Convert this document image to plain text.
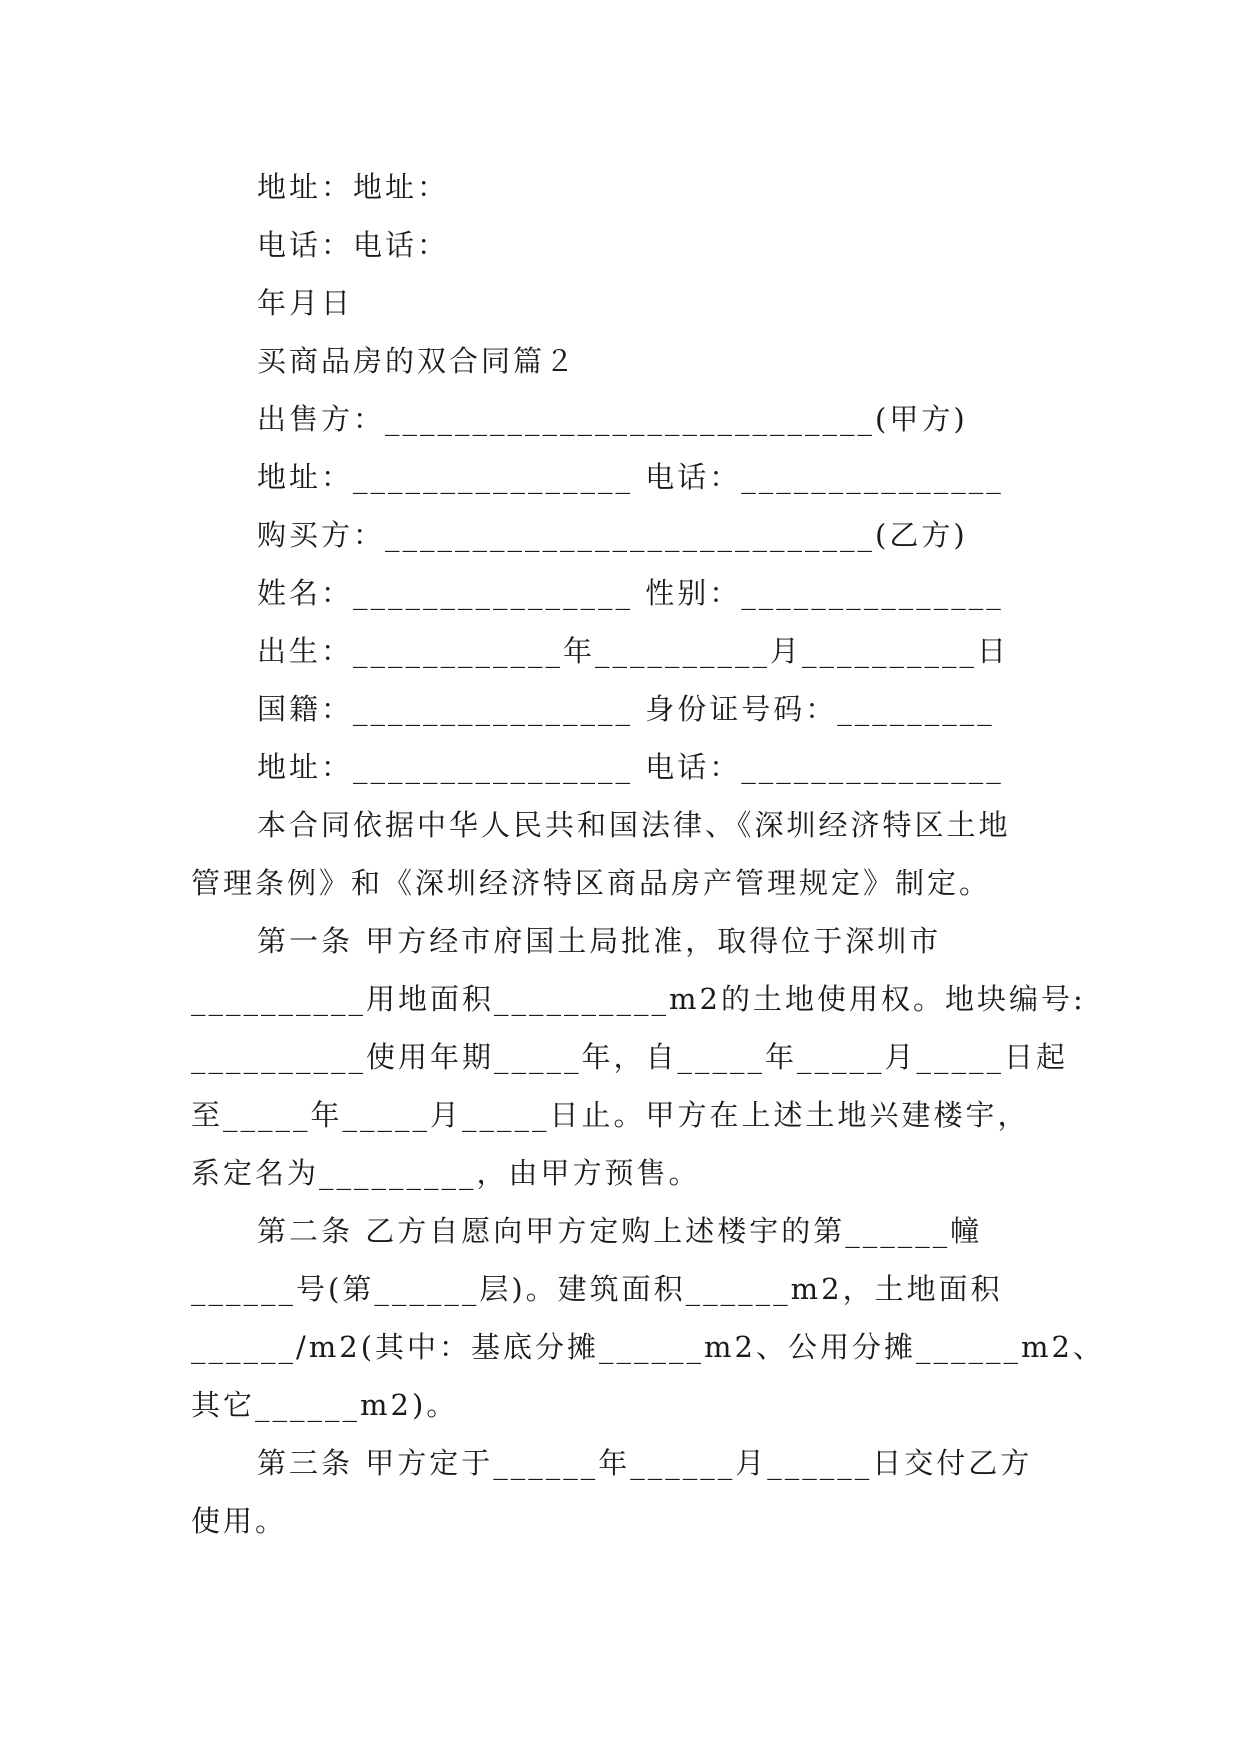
地址：地址：
电话：电话：
年月日
买商品房的双合同篇２
出售方：____________________________(甲方)
地址：________________ 电话：_______________
购买方：____________________________(乙方)
姓名：________________ 性别：_______________
出生：____________年__________月__________日
国籍：________________ 身份证号码：_________
地址：________________ 电话：_______________
本合同依据中华人民共和国法律、《深圳经济特区土地
管理条例》和《深圳经济特区商品房产管理规定》制定。
第一条 甲方经市府国土局批准，取得位于深圳市
__________用地面积__________m2的土地使用权。地块编号:
__________使用年期_____年，自_____年_____月_____日起
至_____年_____月_____日止。甲方在上述土地兴建楼宇，
系定名为_________，由甲方预售。
第二条 乙方自愿向甲方定购上述楼宇的第______幢
______号(第______层)。建筑面积______m2，土地面积
______/m2(其中：基底分摊______m2、公用分摊______m2、
其它______m2)。
第三条 甲方定于______年______月______日交付乙方
使用。
